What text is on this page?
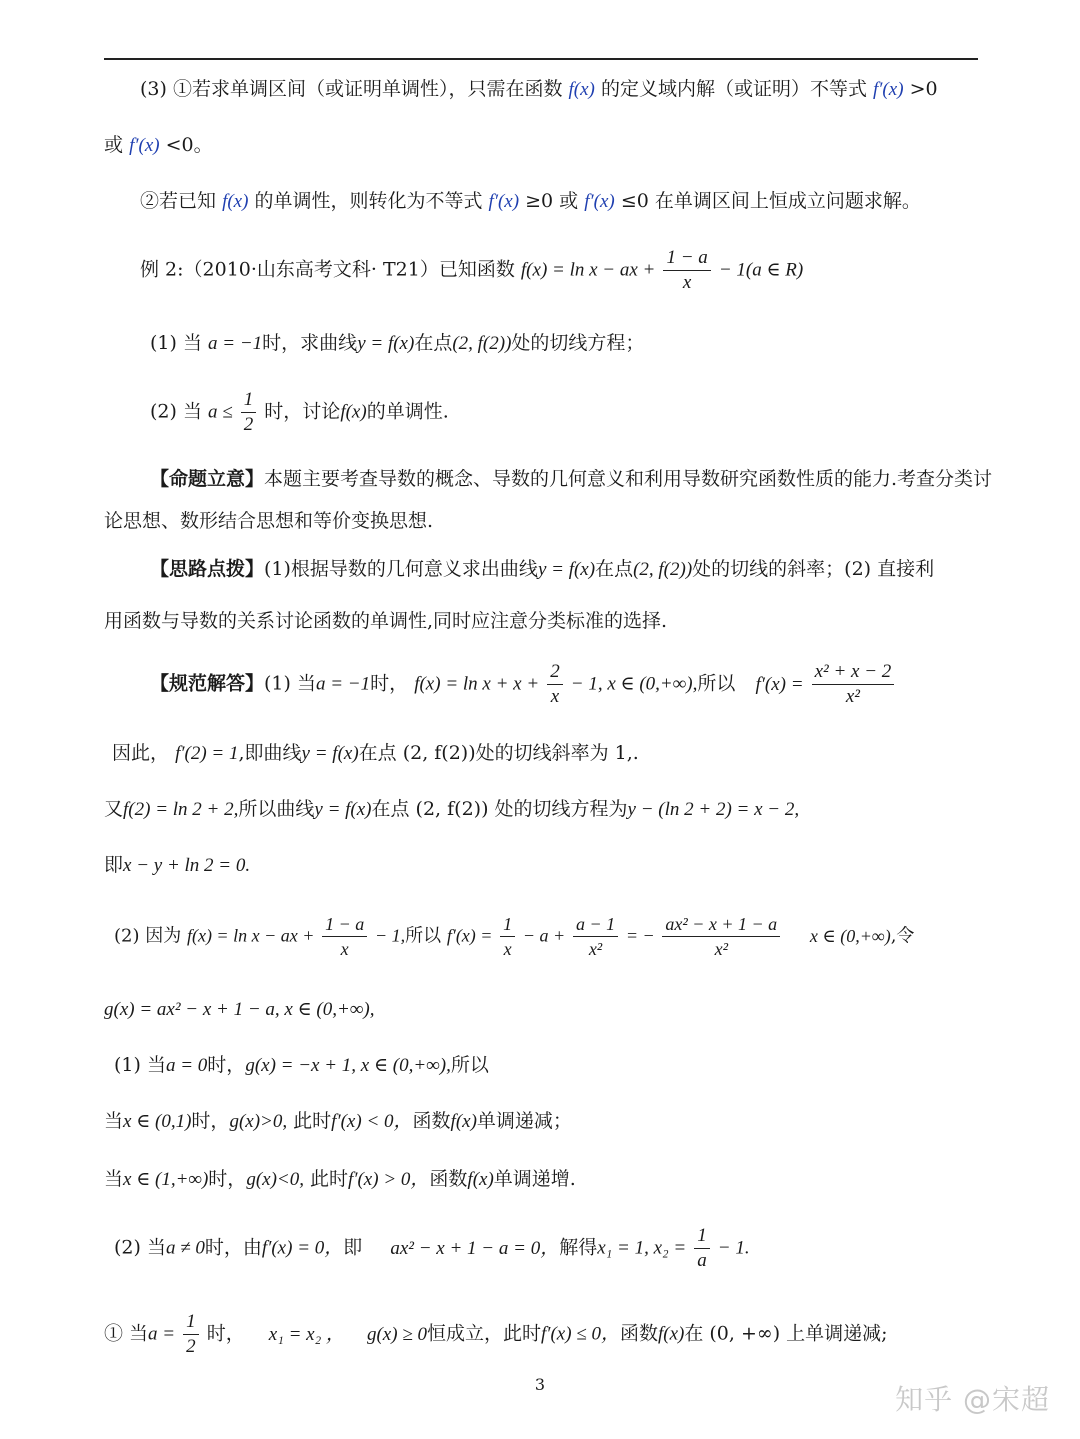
(3) ①若求单调区间（或证明单调性），只需在函数 f(x) 的定义域内解（或证明）不等式 f′(x) >0
或 f′(x) <0。
②若已知 f(x) 的单调性，则转化为不等式 f′(x) ≥0 或 f′(x) ≤0 在单调区间上恒成立问题求解。
例 2:（2010·山东高考文科· T21）已知函数 f(x) = ln x − ax + $\frac{1 - a}{x} - 1(a$ ∈ R)
(1) 当 a = −1时，求曲线y = f(x)在点(2, f(2))处的切线方程；
(2) 当 $a \le \frac{1}{2}$ 时，讨论f(x)的单调性.
【命题立意】本题主要考查导数的概念、导数的几何意义和利用导数研究函数性质的能力.考查分类讨
论思想、数形结合思想和等价变换思想.
【思路点拨】(1)根据导数的几何意义求出曲线y = f(x)在点(2, f(2))处的切线的斜率；(2) 直接利
用函数与导数的关系讨论函数的单调性,同时应注意分类标准的选择.
【规范解答】(1) 当a = −1时， $f(x) = \ln x + x + \frac{2}{x} - 1$, x ∈ (0,+∞),所以 $f'(x) = \frac{\text{x² + x − 2}}{\text{x²}}$
因此， f′(2) = 1,即曲线y = f(x)在点 (2, f(2))处的切线斜率为 1,.
又f(2) = ln 2 + 2,所以曲线y = f(x)在点 (2, f(2)) 处的切线方程为y − (ln 2 + 2) = x − 2,
即x − y + ln 2 = 0.
(2) 因为 f(x) = ln x − ax + $\frac{1 - a}{x} - 1$,所以 $f'(x) = \frac{1}{x} - a + \frac{a - 1}{\text{x²}}$ = − $\frac{\text{ax² − x + 1 − a}}{\text{x²}}$ x ∈ (0,+∞),令
g(x) = ax² − x + 1 − a, x ∈ (0,+∞),
(1) 当a = 0时，g(x) = −x + 1, x ∈ (0,+∞),所以
当x ∈ (0,1)时，g(x)>0, 此时f′(x) < 0，函数f(x)单调递减；
当x ∈ (1,+∞)时，g(x)<0, 此时f′(x) > 0，函数f(x)单调递增.
(2) 当a ≠ 0时，由f′(x) = 0，即 ax² − x + 1 − a = 0，解得x₁ = 1, $x_2 = \frac{1}{a} - 1$.
① 当$a = \frac{1}{2}$ 时， x₁ = x₂ ， g(x) ≥ 0恒成立，此时f′(x) ≤ 0，函数f(x)在 (0, +∞) 上单调递减;
3	知乎 @宋超
